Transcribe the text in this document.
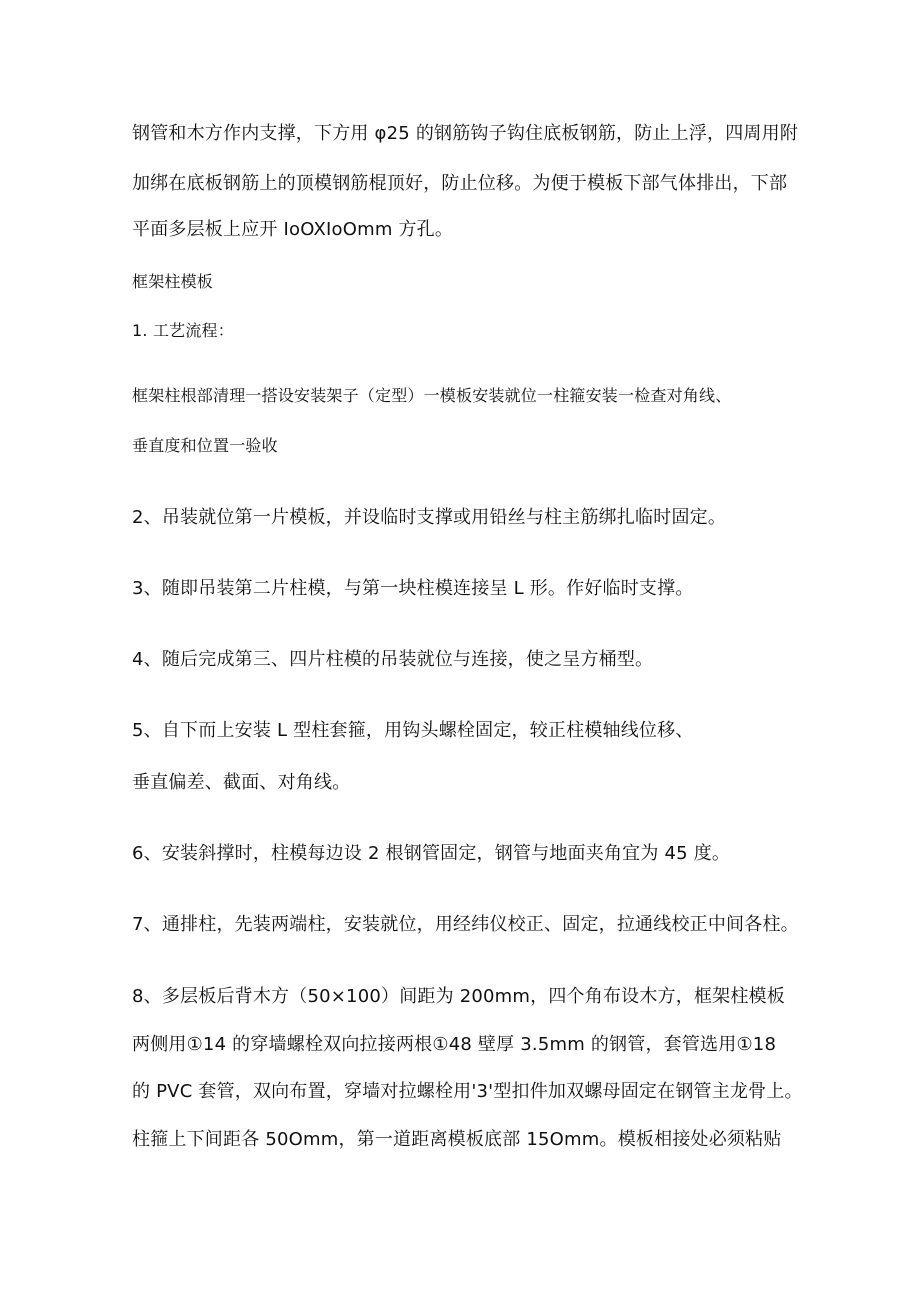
钢管和木方作内支撑，下方用 φ25 的钢筋钩子钩住底板钢筋，防止上浮，四周用附
加绑在底板钢筋上的顶模钢筋棍顶好，防止位移。为便于模板下部气体排出，下部
平面多层板上应开 IoOXIoOmm 方孔。
框架柱模板
1. 工艺流程：
框架柱根部清理一搭设安装架子（定型）一模板安装就位一柱箍安装一检查对角线、
垂直度和位置一验收
2、吊装就位第一片模板，并设临时支撑或用铅丝与柱主筋绑扎临时固定。
3、随即吊装第二片柱模，与第一块柱模连接呈 L 形。作好临时支撑。
4、随后完成第三、四片柱模的吊装就位与连接，使之呈方桶型。
5、自下而上安装 L 型柱套箍，用钩头螺栓固定，较正柱模轴线位移、
垂直偏差、截面、对角线。
6、安装斜撑时，柱模每边设 2 根钢管固定，钢管与地面夹角宜为 45 度。
7、通排柱，先装两端柱，安装就位，用经纬仪校正、固定，拉通线校正中间各柱。
8、多层板后背木方（50×100）间距为 200mm，四个角布设木方，框架柱模板
两侧用①14 的穿墙螺栓双向拉接两根①48 壁厚 3.5mm 的钢管，套管选用①18
的 PVC 套管，双向布置，穿墙对拉螺栓用'3'型扣件加双螺母固定在钢管主龙骨上。
柱箍上下间距各 50Omm，第一道距离模板底部 15Omm。模板相接处必须粘贴
